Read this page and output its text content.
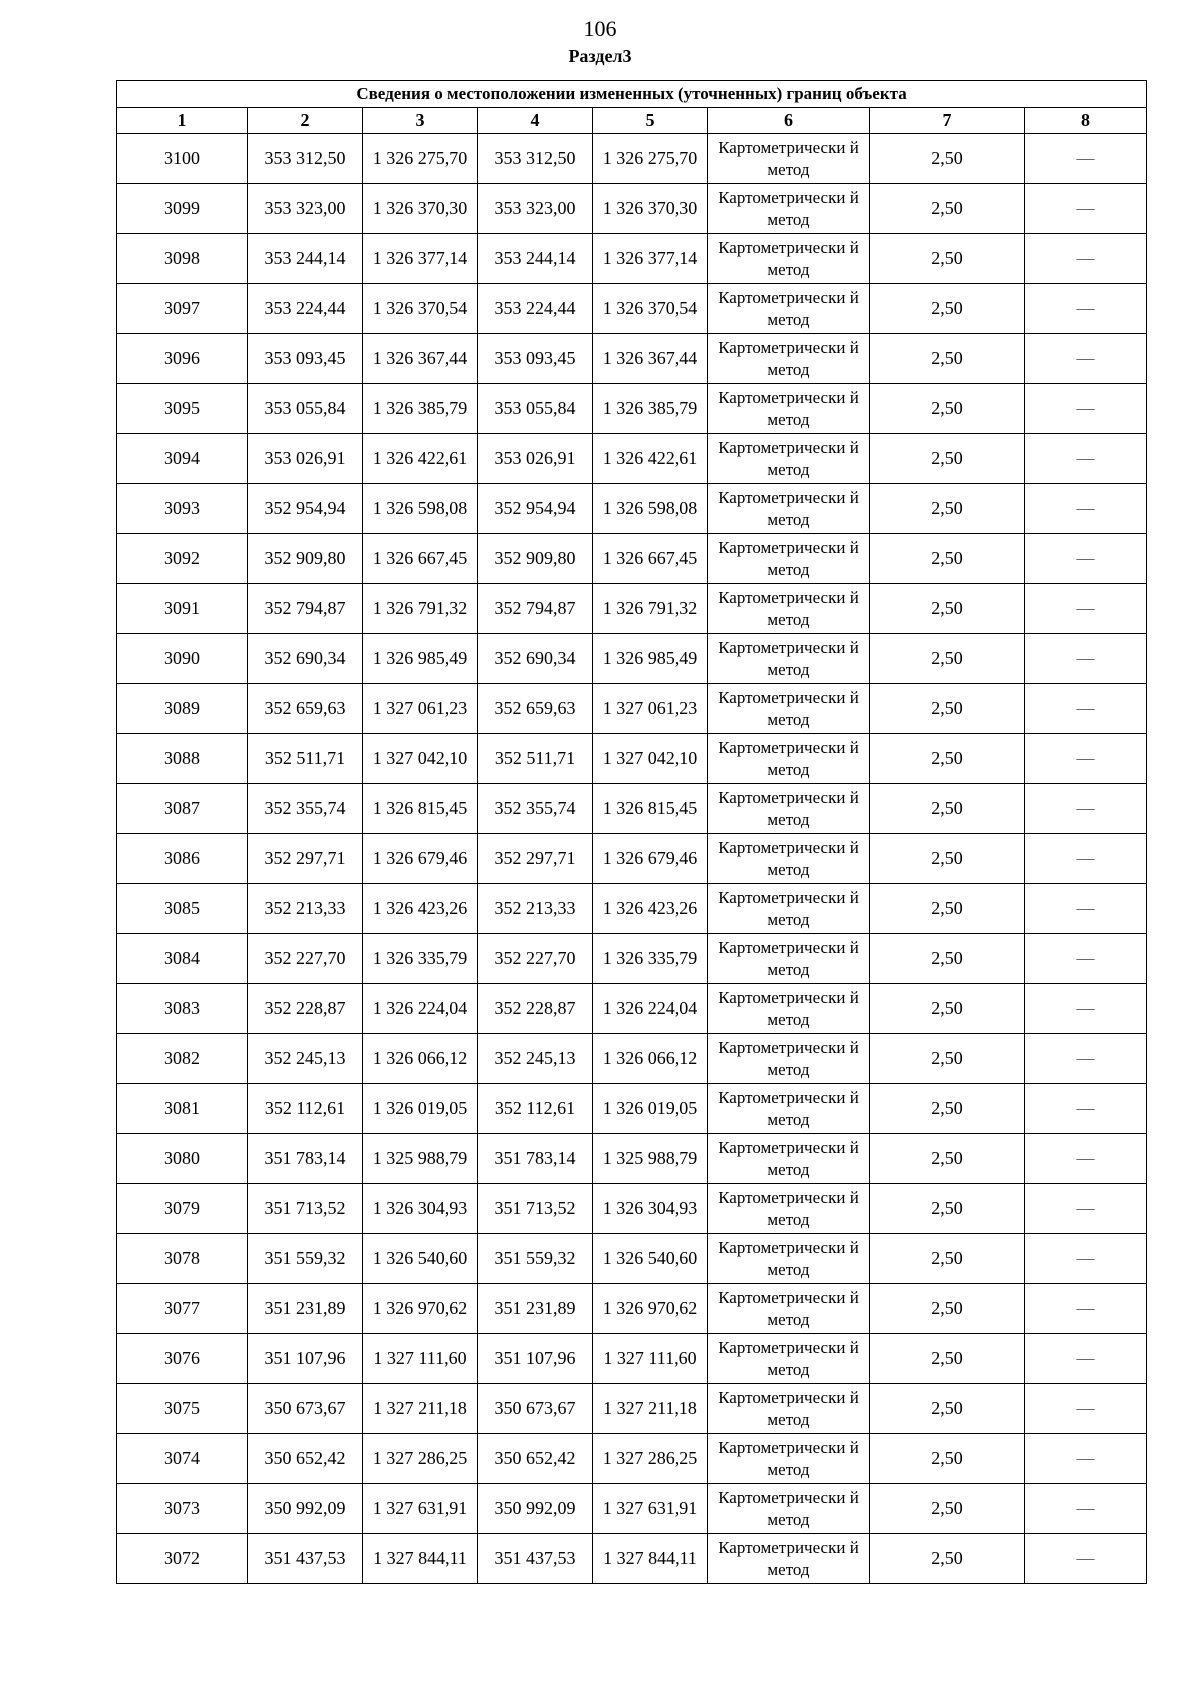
106
Раздел3
Сведения о местоположении измененных (уточненных) границ объекта							
1	2	3	4	5	6	7	8
3100	353 312,50	1 326 275,70	353 312,50	1 326 275,70	Картометрически й метод	2,50	—
3099	353 323,00	1 326 370,30	353 323,00	1 326 370,30	Картометрически й метод	2,50	—
3098	353 244,14	1 326 377,14	353 244,14	1 326 377,14	Картометрически й метод	2,50	—
3097	353 224,44	1 326 370,54	353 224,44	1 326 370,54	Картометрически й метод	2,50	—
3096	353 093,45	1 326 367,44	353 093,45	1 326 367,44	Картометрически й метод	2,50	—
3095	353 055,84	1 326 385,79	353 055,84	1 326 385,79	Картометрически й метод	2,50	—
3094	353 026,91	1 326 422,61	353 026,91	1 326 422,61	Картометрически й метод	2,50	—
3093	352 954,94	1 326 598,08	352 954,94	1 326 598,08	Картометрически й метод	2,50	—
3092	352 909,80	1 326 667,45	352 909,80	1 326 667,45	Картометрически й метод	2,50	—
3091	352 794,87	1 326 791,32	352 794,87	1 326 791,32	Картометрически й метод	2,50	—
3090	352 690,34	1 326 985,49	352 690,34	1 326 985,49	Картометрически й метод	2,50	—
3089	352 659,63	1 327 061,23	352 659,63	1 327 061,23	Картометрически й метод	2,50	—
3088	352 511,71	1 327 042,10	352 511,71	1 327 042,10	Картометрически й метод	2,50	—
3087	352 355,74	1 326 815,45	352 355,74	1 326 815,45	Картометрически й метод	2,50	—
3086	352 297,71	1 326 679,46	352 297,71	1 326 679,46	Картометрически й метод	2,50	—
3085	352 213,33	1 326 423,26	352 213,33	1 326 423,26	Картометрически й метод	2,50	—
3084	352 227,70	1 326 335,79	352 227,70	1 326 335,79	Картометрически й метод	2,50	—
3083	352 228,87	1 326 224,04	352 228,87	1 326 224,04	Картометрически й метод	2,50	—
3082	352 245,13	1 326 066,12	352 245,13	1 326 066,12	Картометрически й метод	2,50	—
3081	352 112,61	1 326 019,05	352 112,61	1 326 019,05	Картометрически й метод	2,50	—
3080	351 783,14	1 325 988,79	351 783,14	1 325 988,79	Картометрически й метод	2,50	—
3079	351 713,52	1 326 304,93	351 713,52	1 326 304,93	Картометрически й метод	2,50	—
3078	351 559,32	1 326 540,60	351 559,32	1 326 540,60	Картометрически й метод	2,50	—
3077	351 231,89	1 326 970,62	351 231,89	1 326 970,62	Картометрически й метод	2,50	—
3076	351 107,96	1 327 111,60	351 107,96	1 327 111,60	Картометрически й метод	2,50	—
3075	350 673,67	1 327 211,18	350 673,67	1 327 211,18	Картометрически й метод	2,50	—
3074	350 652,42	1 327 286,25	350 652,42	1 327 286,25	Картометрически й метод	2,50	—
3073	350 992,09	1 327 631,91	350 992,09	1 327 631,91	Картометрически й метод	2,50	—
3072	351 437,53	1 327 844,11	351 437,53	1 327 844,11	Картометрически й метод	2,50	—
